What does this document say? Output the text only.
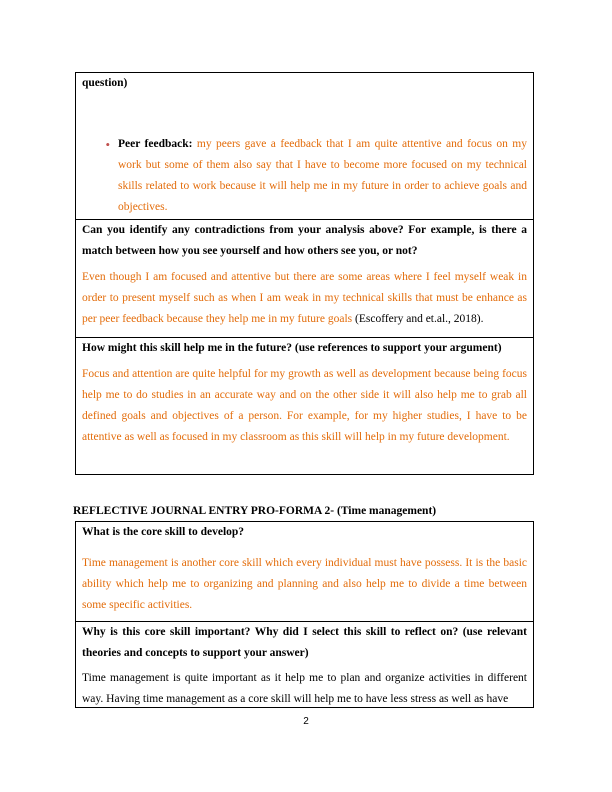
question)

• Peer feedback: my peers gave a feedback that I am quite attentive and focus on my work but some of them also say that I have to become more focused on my technical skills related to work because it will help me in my future in order to achieve goals and objectives.

Can you identify any contradictions from your analysis above? For example, is there a match between how you see yourself and how others see you, or not?

Even though I am focused and attentive but there are some areas where I feel myself weak in order to present myself such as when I am weak in my technical skills that must be enhance as per peer feedback because they help me in my future goals (Escoffery and et.al., 2018).

How might this skill help me in the future? (use references to support your argument)

Focus and attention are quite helpful for my growth as well as development because being focus help me to do studies in an accurate way and on the other side it will also help me to grab all defined goals and objectives of a person. For example, for my higher studies, I have to be attentive as well as focused in my classroom as this skill will help in my future development.

REFLECTIVE JOURNAL ENTRY PRO-FORMA 2- (Time management)

What is the core skill to develop?

Time management is another core skill which every individual must have possess. It is the basic ability which help me to organizing and planning and also help me to divide a time between some specific activities.

Why is this core skill important? Why did I select this skill to reflect on? (use relevant theories and concepts to support your answer)

Time management is quite important as it help me to plan and organize activities in different way. Having time management as a core skill will help me to have less stress as well as have

2
